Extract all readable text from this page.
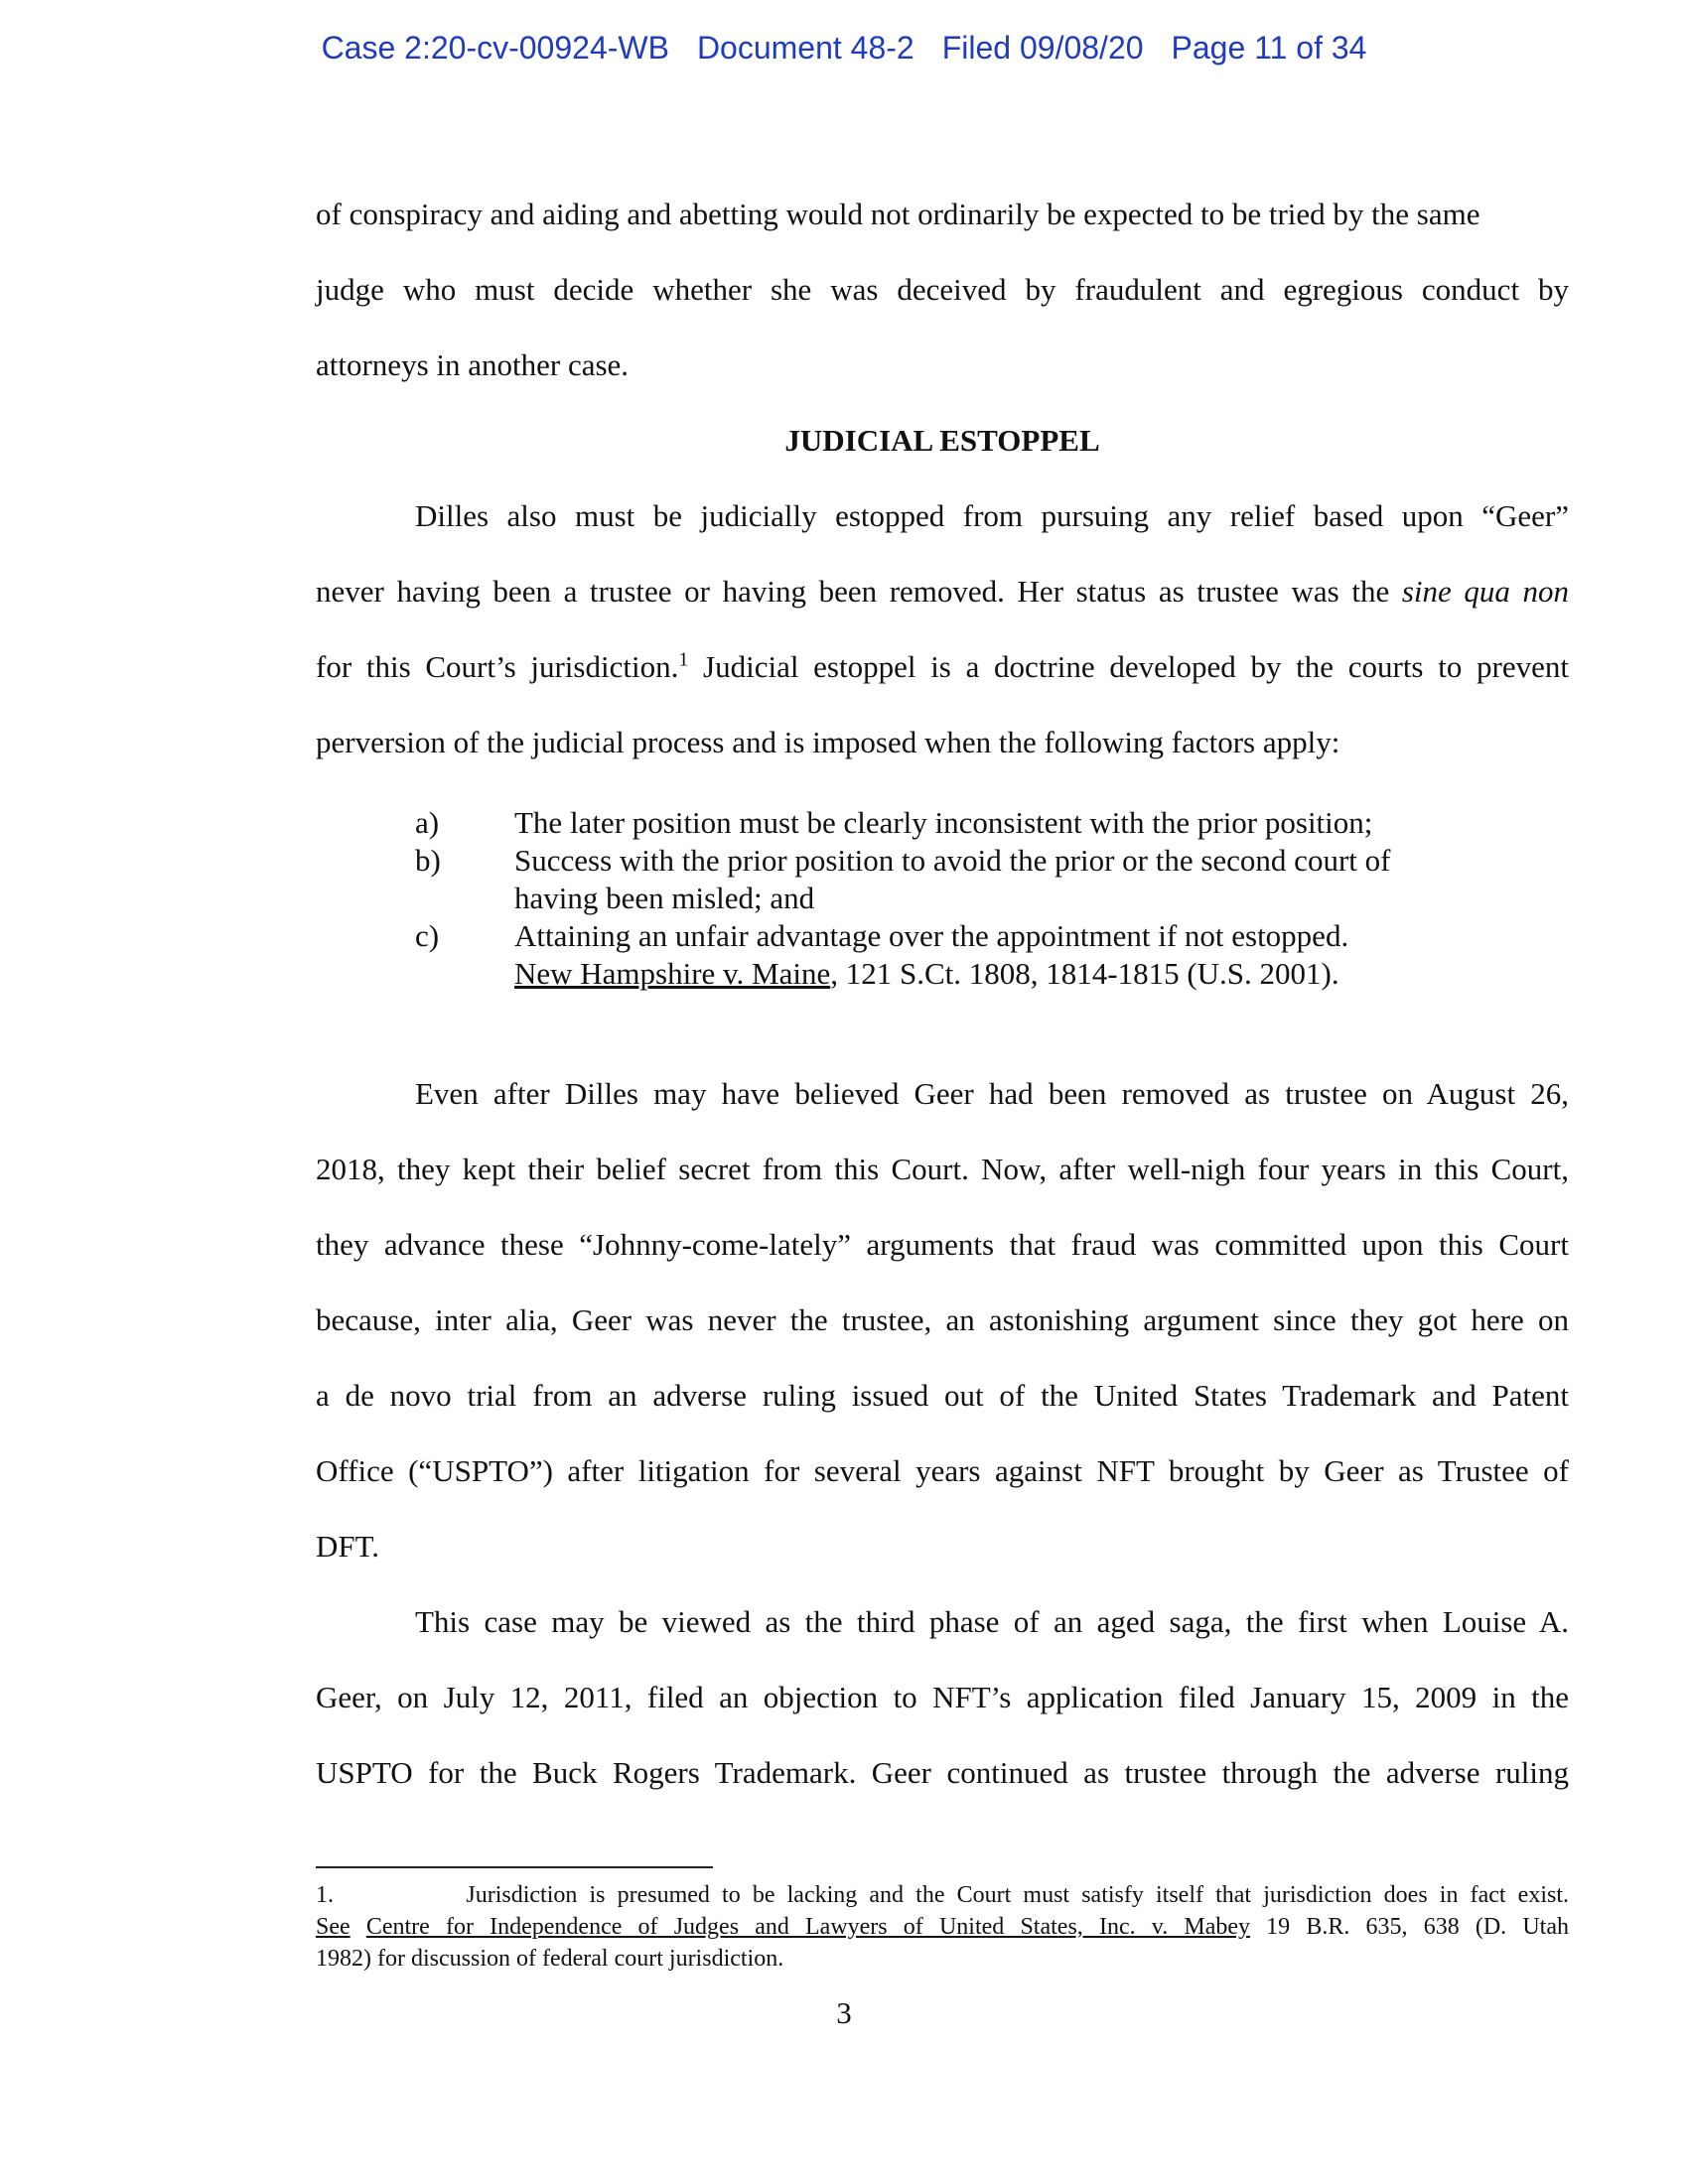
Case 2:20-cv-00924-WB Document 48-2 Filed 09/08/20 Page 11 of 34
of conspiracy and aiding and abetting would not ordinarily be expected to be tried by the same
judge who must decide whether she was deceived by fraudulent and egregious conduct by
attorneys in another case.
JUDICIAL ESTOPPEL
Dilles also must be judicially estopped from pursuing any relief based upon “Geer”
never having been a trustee or having been removed. Her status as trustee was the sine qua non
for this Court’s jurisdiction.$^1$ Judicial estoppel is a doctrine developed by the courts to prevent
perversion of the judicial process and is imposed when the following factors apply:
a)	The later position must be clearly inconsistent with the prior position;
b)	Success with the prior position to avoid the prior or the second court of
having been misled; and
c)	Attaining an unfair advantage over the appointment if not estopped.
New Hampshire v. Maine, 121 S.Ct. 1808, 1814-1815 (U.S. 2001).
Even after Dilles may have believed Geer had been removed as trustee on August 26,
2018, they kept their belief secret from this Court. Now, after well-nigh four years in this Court,
they advance these “Johnny-come-lately” arguments that fraud was committed upon this Court
because, inter alia, Geer was never the trustee, an astonishing argument since they got here on
a de novo trial from an adverse ruling issued out of the United States Trademark and Patent
Office (“USPTO”) after litigation for several years against NFT brought by Geer as Trustee of
DFT.
This case may be viewed as the third phase of an aged saga, the first when Louise A.
Geer, on July 12, 2011, filed an objection to NFT’s application filed January 15, 2009 in the
USPTO for the Buck Rogers Trademark. Geer continued as trustee through the adverse ruling
1.	Jurisdiction is presumed to be lacking and the Court must satisfy itself that jurisdiction does in fact exist.
See Centre for Independence of Judges and Lawyers of United States, Inc. v. Mabey 19 B.R. 635, 638 (D. Utah
1982) for discussion of federal court jurisdiction.
3
